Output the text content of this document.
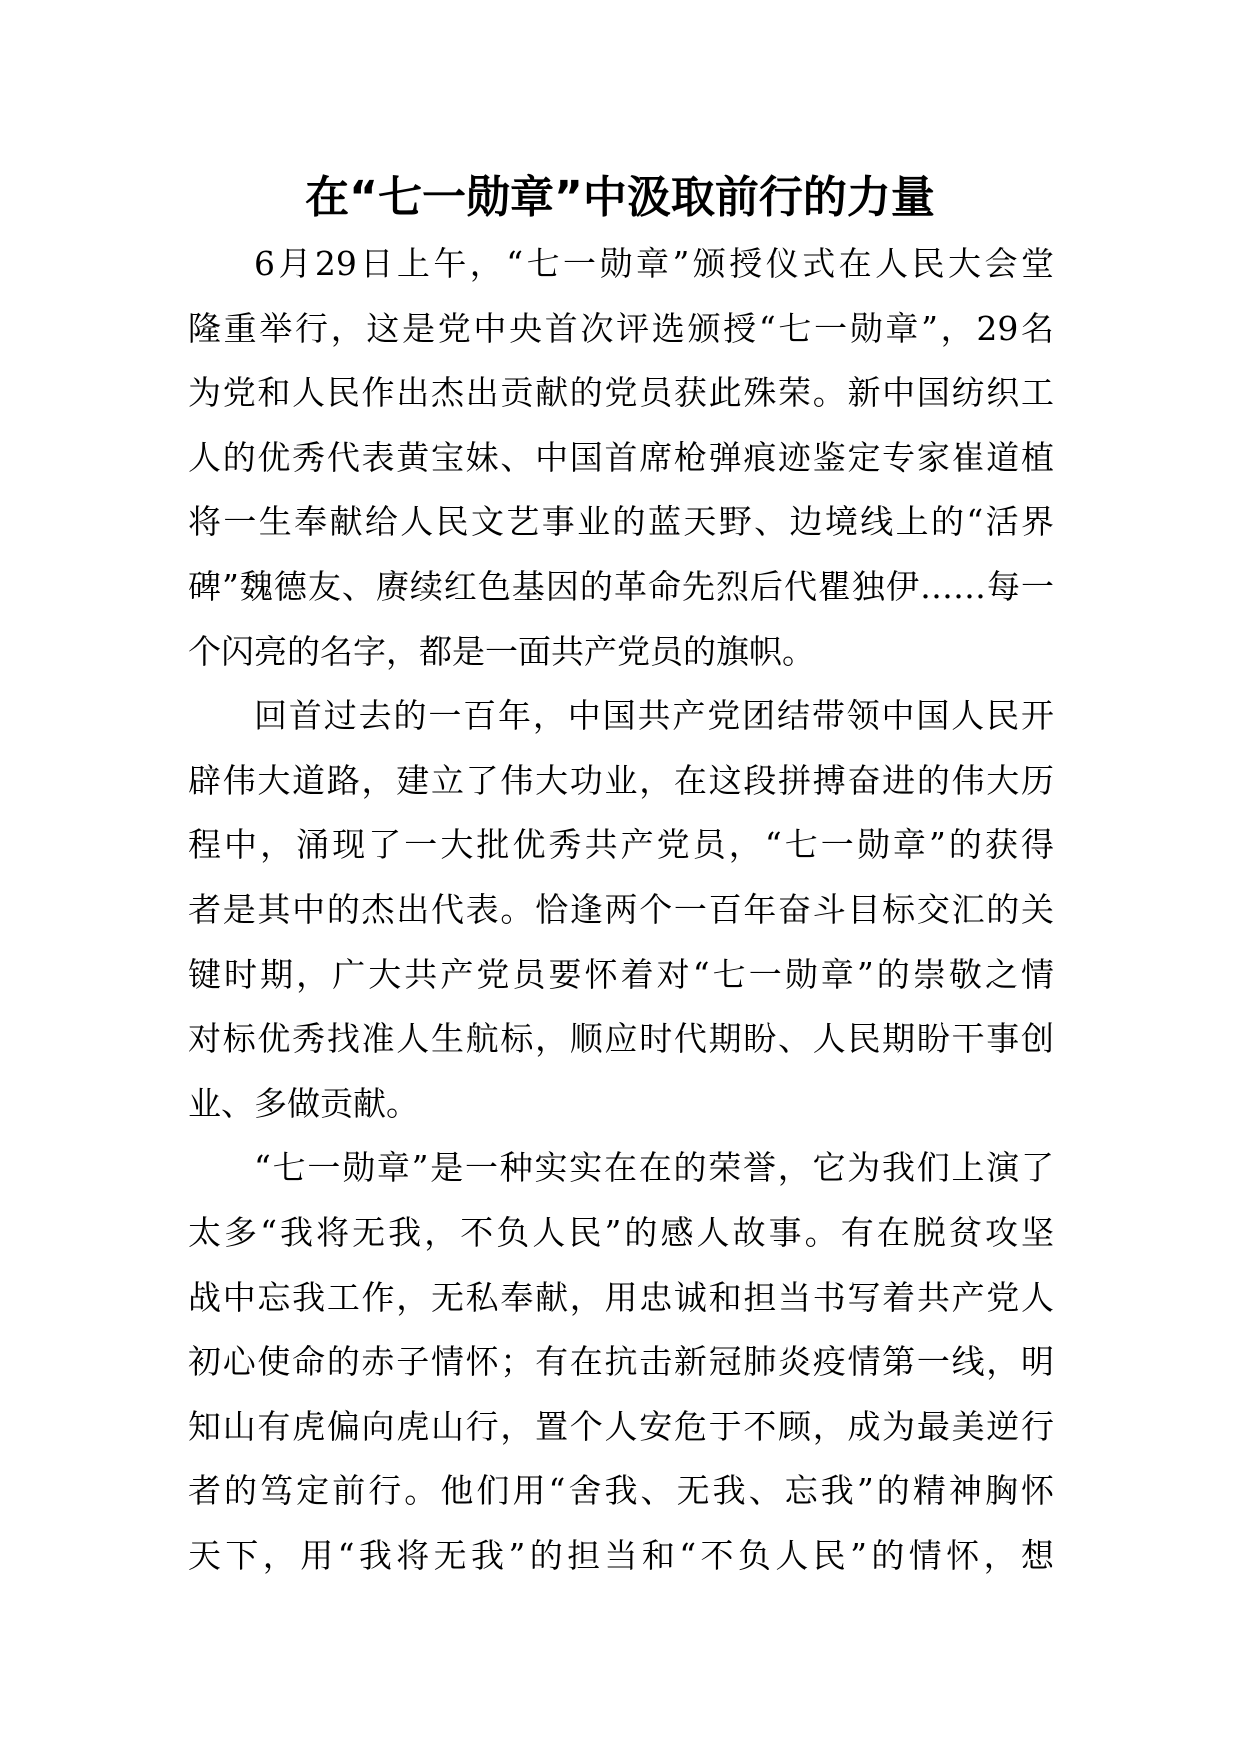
在“七一勋章”中汲取前行的力量
6月29日上午，“七一勋章”颁授仪式在人民大会堂
隆重举行，这是党中央首次评选颁授“七一勋章”，29名
为党和人民作出杰出贡献的党员获此殊荣。新中国纺织工
人的优秀代表黄宝妹、中国首席枪弹痕迹鉴定专家崔道植
将一生奉献给人民文艺事业的蓝天野、边境线上的“活界
碑”魏德友、赓续红色基因的革命先烈后代瞿独伊……每一
个闪亮的名字，都是一面共产党员的旗帜。
回首过去的一百年，中国共产党团结带领中国人民开
辟伟大道路，建立了伟大功业，在这段拼搏奋进的伟大历
程中，涌现了一大批优秀共产党员，“七一勋章”的获得
者是其中的杰出代表。恰逢两个一百年奋斗目标交汇的关
键时期，广大共产党员要怀着对“七一勋章”的崇敬之情
对标优秀找准人生航标，顺应时代期盼、人民期盼干事创
业、多做贡献。
“七一勋章”是一种实实在在的荣誉，它为我们上演了
太多“我将无我，不负人民”的感人故事。有在脱贫攻坚
战中忘我工作，无私奉献，用忠诚和担当书写着共产党人
初心使命的赤子情怀；有在抗击新冠肺炎疫情第一线，明
知山有虎偏向虎山行，置个人安危于不顾，成为最美逆行
者的笃定前行。他们用“舍我、无我、忘我”的精神胸怀
天下，用“我将无我”的担当和“不负人民”的情怀，想
